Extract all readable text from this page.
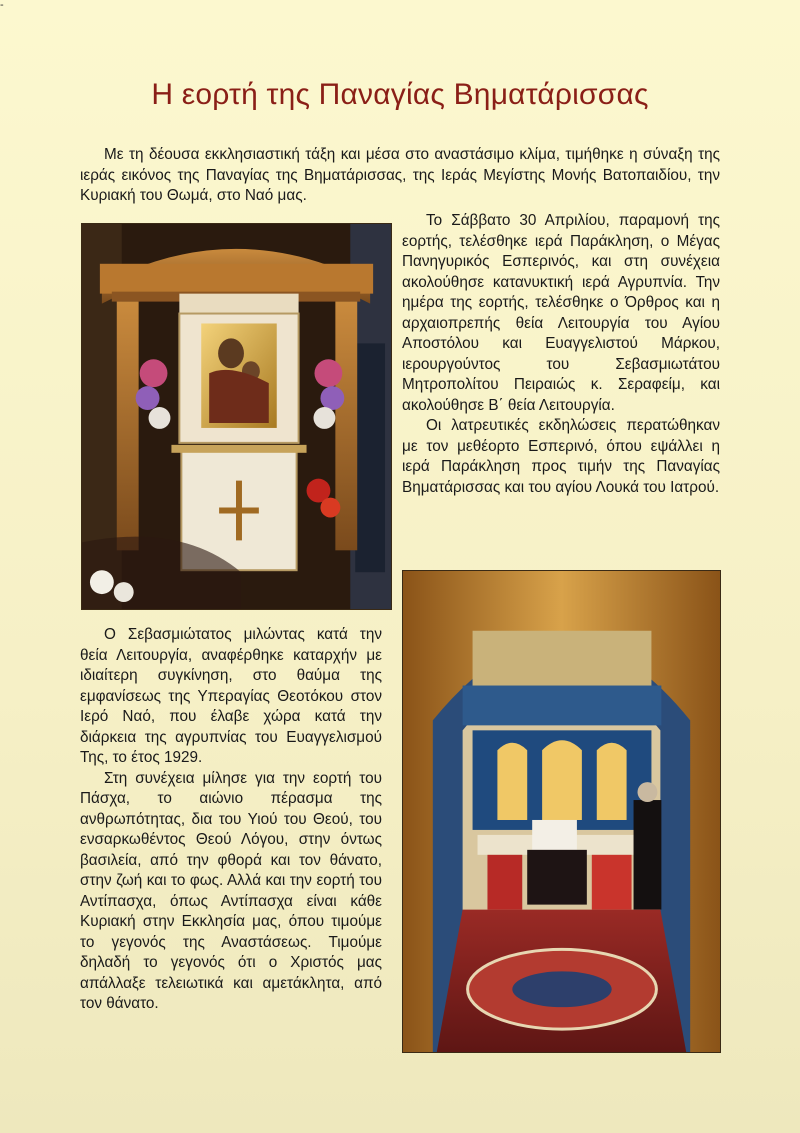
-
Η εορτή της Παναγίας Βηματάρισσας

Με τη δέουσα εκκλησιαστική τάξη και μέσα στο αναστάσιμο κλίμα, τιμήθηκε η σύναξη της ιεράς εικόνος της Παναγίας της Βηματάρισσας, της Ιεράς Μεγίστης Μονής Βατοπαιδίου, την Κυριακή του Θωμά, στο Ναό μας.

Το Σάββατο 30 Απριλίου, παραμονή της εορτής, τελέσθηκε ιερά Παράκληση, ο Μέγας Πανηγυρικός Εσπερινός, και στη συνέχεια ακολούθησε κατανυκτική ιερά Αγρυπνία. Την ημέρα της εορτής, τελέσθηκε ο Όρθρος και η αρχαιοπρεπής θεία Λειτουργία του Αγίου Αποστόλου και Ευαγγελιστού Μάρκου, ιερουργούντος του Σεβασμιωτάτου Μητροπολίτου Πειραιώς κ. Σεραφείμ, και ακολούθησε Β΄ θεία Λειτουργία.

Οι λατρευτικές εκδηλώσεις περατώθηκαν με τον μεθέορτο Εσπερινό, όπου εψάλλει η ιερά Παράκληση προς τιμήν της Παναγίας Βηματάρισσας και του αγίου Λουκά του Ιατρού.

Ο Σεβασμιώτατος μιλώντας κατά την θεία Λειτουργία, αναφέρθηκε καταρχήν με ιδιαίτερη συγκίνηση, στο θαύμα της εμφανίσεως της Υπεραγίας Θεοτόκου στον Ιερό Ναό, που έλαβε χώρα κατά την διάρκεια της αγρυπνίας του Ευαγγελισμού Της, το έτος 1929.

Στη συνέχεια μίλησε για την εορτή του Πάσχα, το αιώνιο πέρασμα της ανθρωπότητας, δια του Υιού του Θεού, του ενσαρκωθέντος Θεού Λόγου, στην όντως βασιλεία, από την φθορά και τον θάνατο, στην ζωή και το φως. Αλλά και την εορτή του Αντίπασχα, όπως Αντίπασχα είναι κάθε Κυριακή στην Εκκλησία μας, όπου τιμούμε το γεγονός της Αναστάσεως. Τιμούμε δηλαδή το γεγονός ότι ο Χριστός μας απάλλαξε τελειωτικά και αμετάκλητα, από τον θάνατο.
